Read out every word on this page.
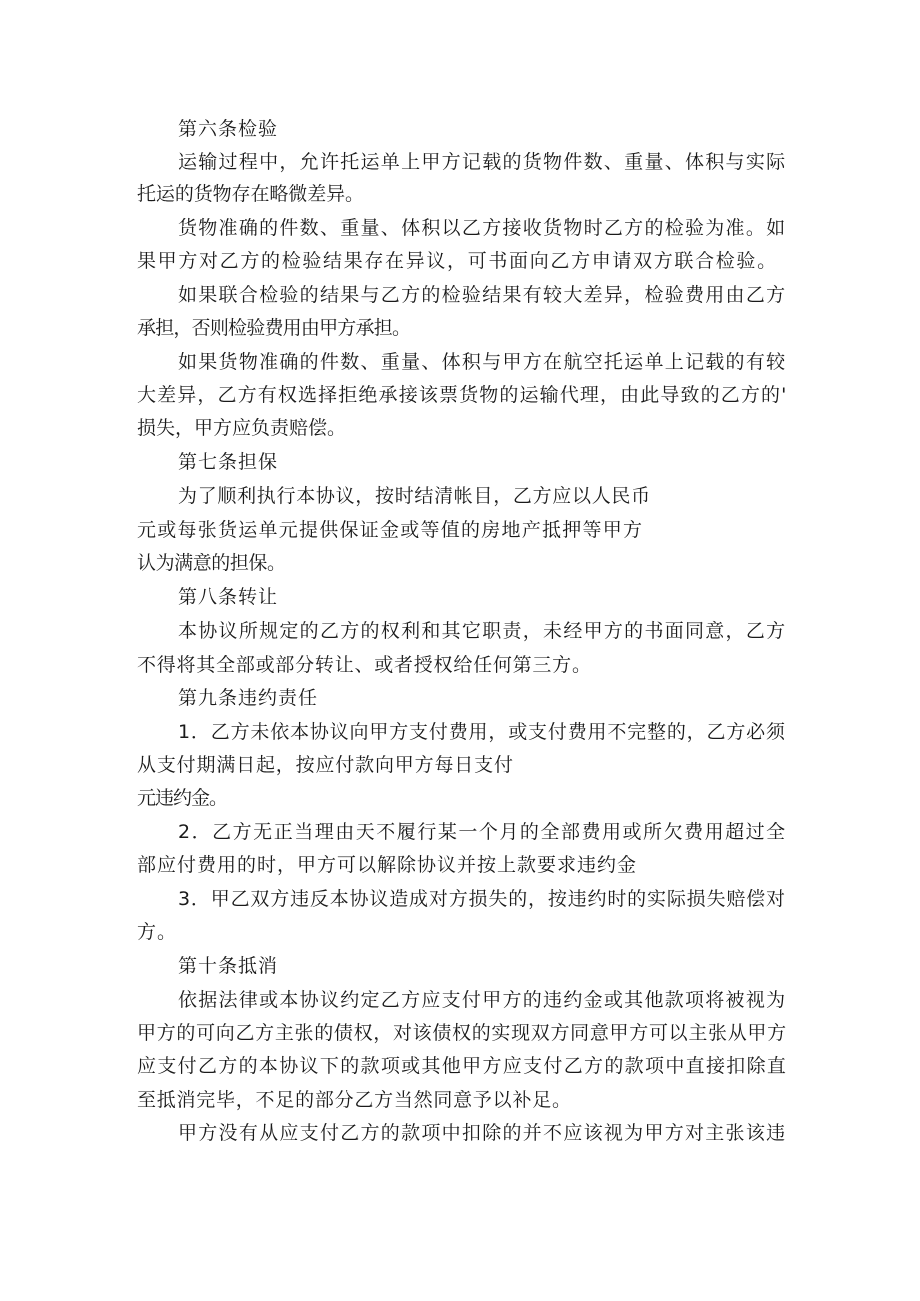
第六条检验
运输过程中，允许托运单上甲方记载的货物件数、重量、体积与实际
托运的货物存在略微差异。
货物准确的件数、重量、体积以乙方接收货物时乙方的检验为准。如
果甲方对乙方的检验结果存在异议，可书面向乙方申请双方联合检验。
如果联合检验的结果与乙方的检验结果有较大差异，检验费用由乙方
承担，否则检验费用由甲方承担。
如果货物准确的件数、重量、体积与甲方在航空托运单上记载的有较
大差异，乙方有权选择拒绝承接该票货物的运输代理，由此导致的乙方的'
损失，甲方应负责赔偿。
第七条担保
为了顺利执行本协议，按时结清帐目，乙方应以人民币
元或每张货运单元提供保证金或等值的房地产抵押等甲方
认为满意的担保。
第八条转让
本协议所规定的乙方的权利和其它职责，未经甲方的书面同意，乙方
不得将其全部或部分转让、或者授权给任何第三方。
第九条违约责任
1．乙方未依本协议向甲方支付费用，或支付费用不完整的，乙方必须
从支付期满日起，按应付款向甲方每日支付
元违约金。
2．乙方无正当理由天不履行某一个月的全部费用或所欠费用超过全
部应付费用的时，甲方可以解除协议并按上款要求违约金
3．甲乙双方违反本协议造成对方损失的，按违约时的实际损失赔偿对
方。
第十条抵消
依据法律或本协议约定乙方应支付甲方的违约金或其他款项将被视为
甲方的可向乙方主张的债权，对该债权的实现双方同意甲方可以主张从甲方
应支付乙方的本协议下的款项或其他甲方应支付乙方的款项中直接扣除直
至抵消完毕，不足的部分乙方当然同意予以补足。
甲方没有从应支付乙方的款项中扣除的并不应该视为甲方对主张该违
